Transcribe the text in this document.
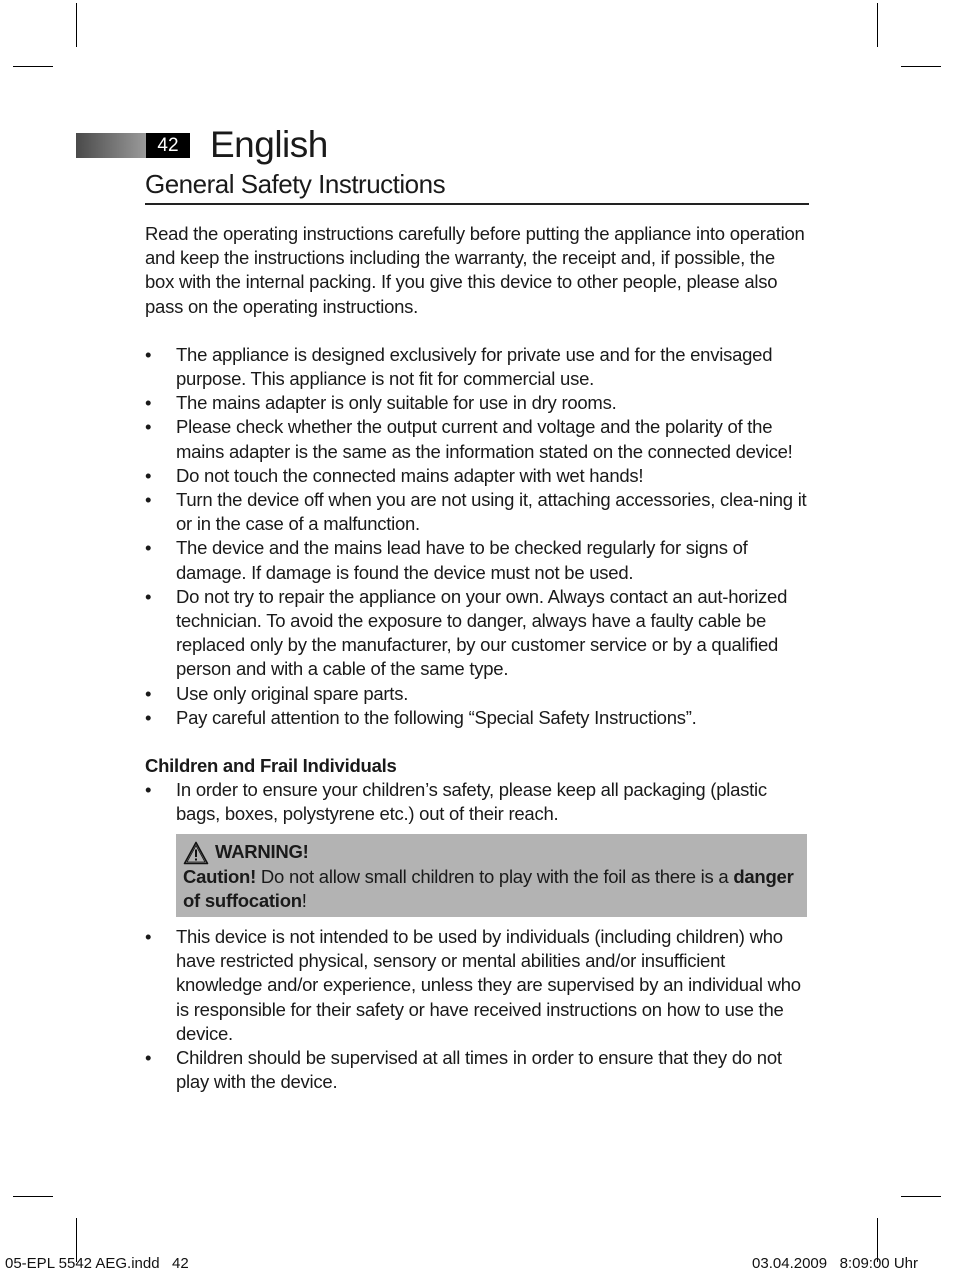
42 English
General Safety Instructions

Read the operating instructions carefully before putting the appliance into operation and keep the instructions including the warranty, the receipt and, if possible, the box with the internal packing. If you give this device to other people, please also pass on the operating instructions.

• The appliance is designed exclusively for private use and for the envisaged purpose. This appliance is not fit for commercial use.
• The mains adapter is only suitable for use in dry rooms.
• Please check whether the output current and voltage and the polarity of the mains adapter is the same as the information stated on the connected device!
• Do not touch the connected mains adapter with wet hands!
• Turn the device off when you are not using it, attaching accessories, clea-ning it or in the case of a malfunction.
• The device and the mains lead have to be checked regularly for signs of damage. If damage is found the device must not be used.
• Do not try to repair the appliance on your own. Always contact an aut-horized technician. To avoid the exposure to danger, always have a faulty cable be replaced only by the manufacturer, by our customer service or by a qualified person and with a cable of the same type.
• Use only original spare parts.
• Pay careful attention to the following “Special Safety Instructions”.
Children and Frail Individuals
• In order to ensure your children’s safety, please keep all packaging (plastic bags, boxes, polystyrene etc.) out of their reach.
WARNING!
Caution! Do not allow small children to play with the foil as there is a danger of suffocation!
• This device is not intended to be used by individuals (including children) who have restricted physical, sensory or mental abilities and/or insufficient knowledge and/or experience, unless they are supervised by an individual who is responsible for their safety or have received instructions on how to use the device.
• Children should be supervised at all times in order to ensure that they do not play with the device.
05-EPL 5542 AEG.indd   42	03.04.2009   8:09:00 Uhr
